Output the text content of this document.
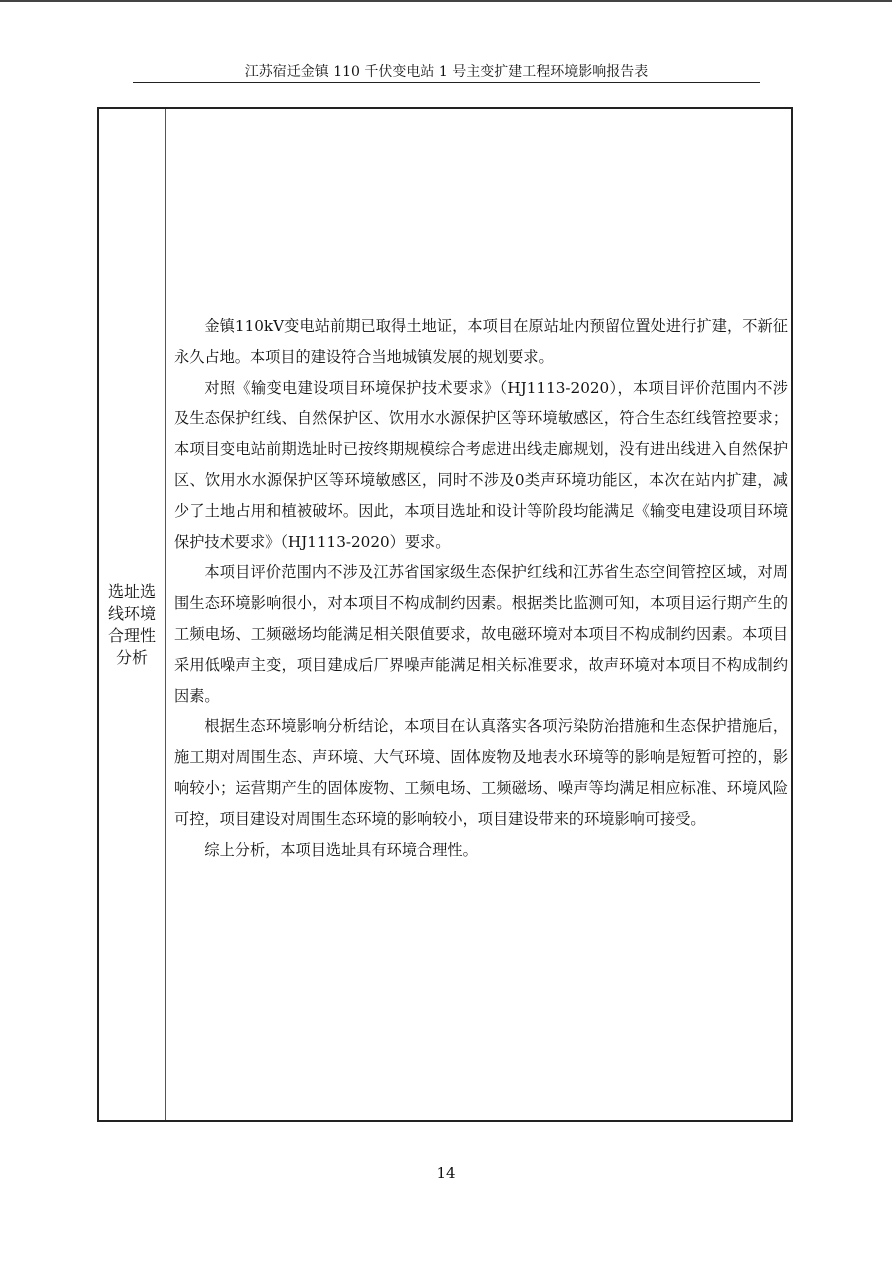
江苏宿迁金镇 110 千伏变电站 1 号主变扩建工程环境影响报告表
选址选线环境合理性分析

金镇110kV变电站前期已取得土地证，本项目在原站址内预留位置处进行扩建，不新征永久占地。本项目的建设符合当地城镇发展的规划要求。

对照《输变电建设项目环境保护技术要求》（HJ1113-2020），本项目评价范围内不涉及生态保护红线、自然保护区、饮用水水源保护区等环境敏感区，符合生态红线管控要求；本项目变电站前期选址时已按终期规模综合考虑进出线走廊规划，没有进出线进入自然保护区、饮用水水源保护区等环境敏感区，同时不涉及0类声环境功能区，本次在站内扩建，减少了土地占用和植被破坏。因此，本项目选址和设计等阶段均能满足《输变电建设项目环境保护技术要求》（HJ1113-2020）要求。

本项目评价范围内不涉及江苏省国家级生态保护红线和江苏省生态空间管控区域，对周围生态环境影响很小，对本项目不构成制约因素。根据类比监测可知，本项目运行期产生的工频电场、工频磁场均能满足相关限值要求，故电磁环境对本项目不构成制约因素。本项目采用低噪声主变，项目建成后厂界噪声能满足相关标准要求，故声环境对本项目不构成制约因素。

根据生态环境影响分析结论，本项目在认真落实各项污染防治措施和生态保护措施后，施工期对周围生态、声环境、大气环境、固体废物及地表水环境等的影响是短暂可控的，影响较小；运营期产生的固体废物、工频电场、工频磁场、噪声等均满足相应标准、环境风险可控，项目建设对周围生态环境的影响较小，项目建设带来的环境影响可接受。

综上分析，本项目选址具有环境合理性。

14
